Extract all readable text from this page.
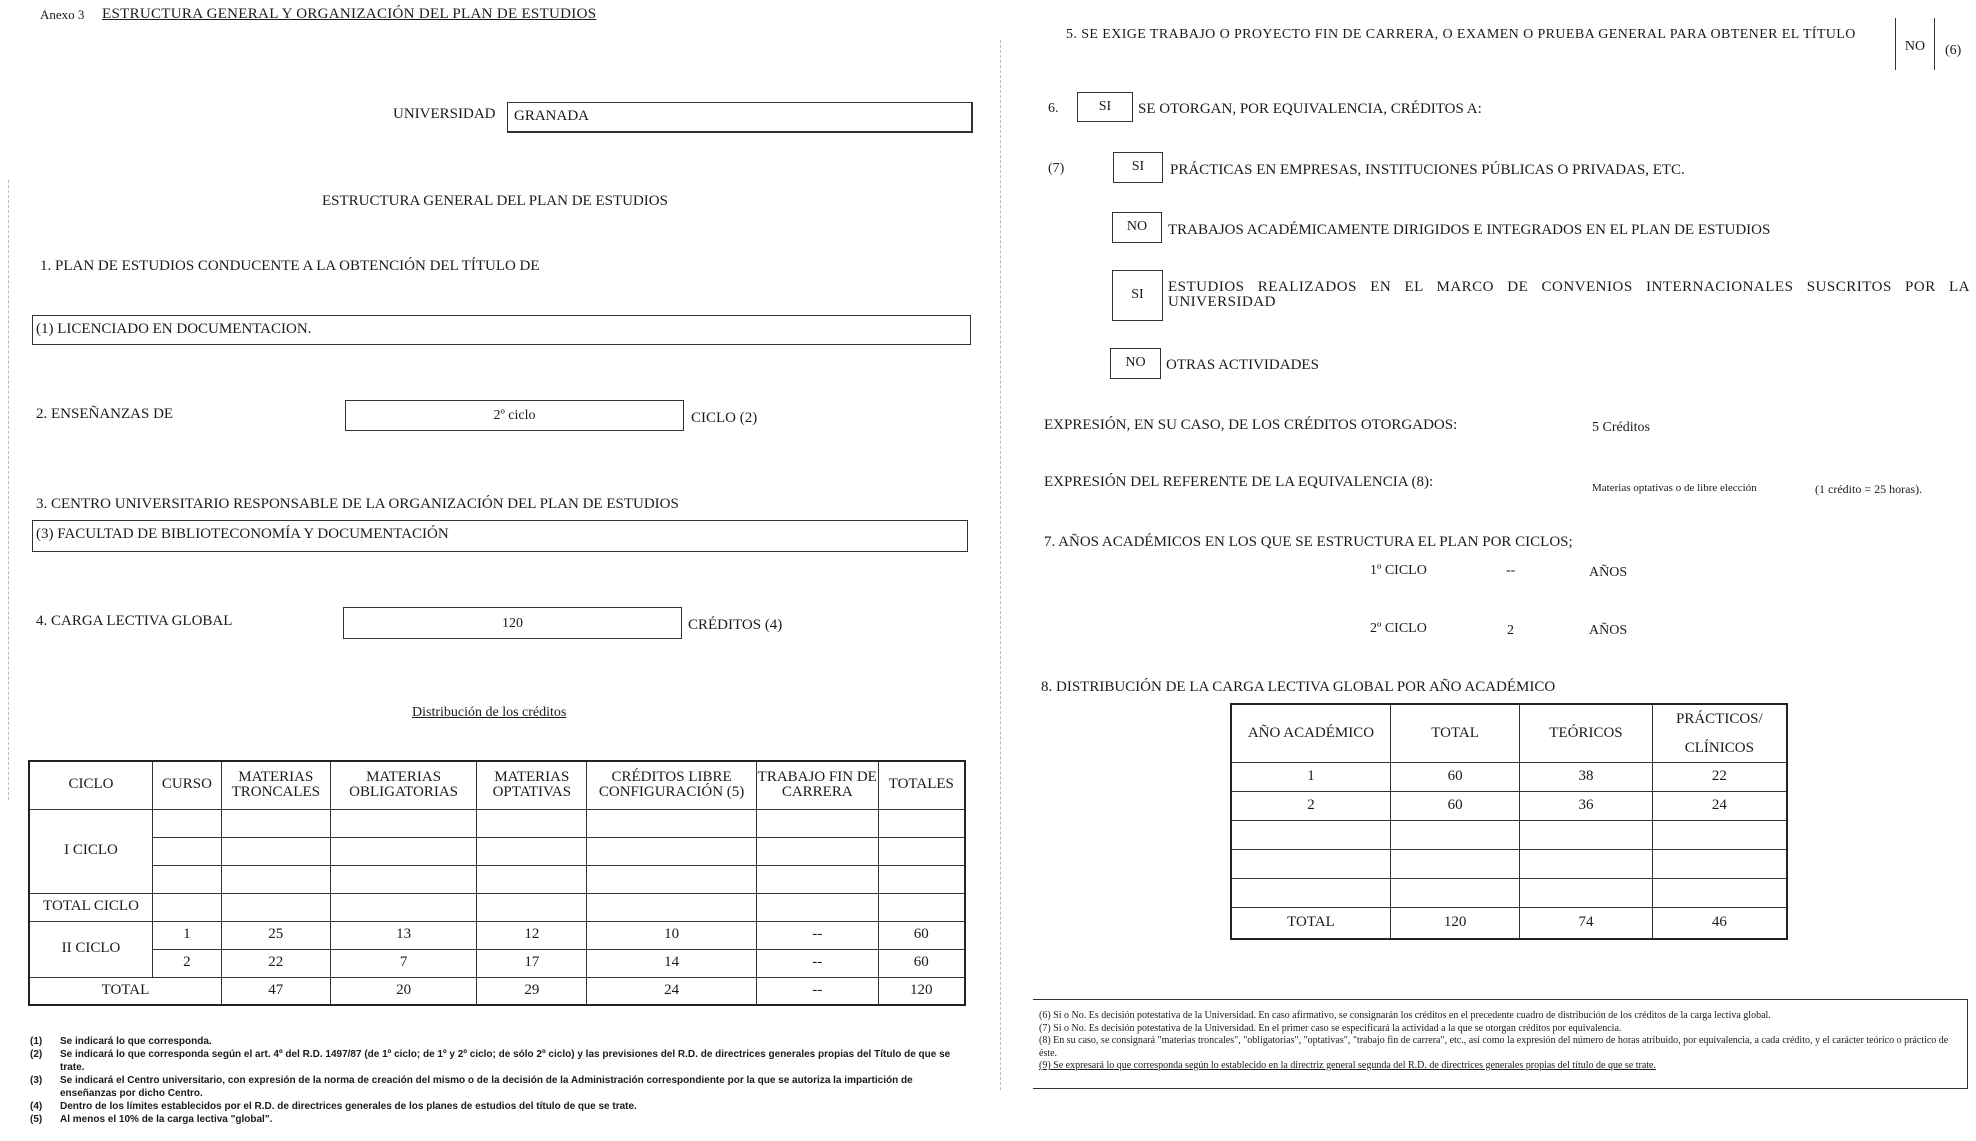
Anexo 3 ESTRUCTURA GENERAL Y ORGANIZACIÓN DEL PLAN DE ESTUDIOS
UNIVERSIDAD GRANADA
ESTRUCTURA GENERAL DEL PLAN DE ESTUDIOS
1. PLAN DE ESTUDIOS CONDUCENTE A LA OBTENCIÓN DEL TÍTULO DE
(1) LICENCIADO EN DOCUMENTACION.
2. ENSEÑANZAS DE	2º ciclo	CICLO (2)
3. CENTRO UNIVERSITARIO RESPONSABLE DE LA ORGANIZACIÓN DEL PLAN DE ESTUDIOS
(3) FACULTAD DE BIBLIOTECONOMÍA Y DOCUMENTACIÓN
4. CARGA LECTIVA GLOBAL	120	CRÉDITOS (4)
Distribución de los créditos
CICLO	CURSO	MATERIAS TRONCALES	MATERIAS OBLIGATORIAS	MATERIAS OPTATIVAS	CRÉDITOS LIBRE CONFIGURACIÓN (5)	TRABAJO FIN DE CARRERA	TOTALES
I CICLO							

TOTAL CICLO							
II CICLO	1	25	13	12	10	--	60
	2	22	7	17	14	--	60
TOTAL		47	20	29	24	--	120
(1)	Se indicará lo que corresponda.
(2)	Se indicará lo que corresponda según el art. 4º del R.D. 1497/87 (de 1º ciclo; de 1º y 2º ciclo; de sólo 2º ciclo) y las previsiones del R.D. de directrices generales propias del Título de que se trate.
(3)	Se indicará el Centro universitario, con expresión de la norma de creación del mismo o de la decisión de la Administración correspondiente por la que se autoriza la impartición de enseñanzas por dicho Centro.
(4)	Dentro de los límites establecidos por el R.D. de directrices generales de los planes de estudios del título de que se trate.
(5)	Al menos el 10% de la carga lectiva "global".
5. SE EXIGE TRABAJO O PROYECTO FIN DE CARRERA, O EXAMEN O PRUEBA GENERAL PARA OBTENER EL TÍTULO
NO	(6)
6.	SI	SE OTORGAN, POR EQUIVALENCIA, CRÉDITOS A:
(7)	SI	PRÁCTICAS EN EMPRESAS, INSTITUCIONES PÚBLICAS O PRIVADAS, ETC.
NO	TRABAJOS ACADÉMICAMENTE DIRIGIDOS E INTEGRADOS EN EL PLAN DE ESTUDIOS
SI	ESTUDIOS REALIZADOS EN EL MARCO DE CONVENIOS INTERNACIONALES SUSCRITOS POR LA UNIVERSIDAD
NO	OTRAS ACTIVIDADES
EXPRESIÓN, EN SU CASO, DE LOS CRÉDITOS OTORGADOS:	5 Créditos
EXPRESIÓN DEL REFERENTE DE LA EQUIVALENCIA (8):	Materias optativas o de libre elección	(1 crédito = 25 horas).
7. AÑOS ACADÉMICOS EN LOS QUE SE ESTRUCTURA EL PLAN POR CICLOS;
1º CICLO	--	AÑOS
2º CICLO	2	AÑOS
8. DISTRIBUCIÓN DE LA CARGA LECTIVA GLOBAL POR AÑO ACADÉMICO
AÑO ACADÉMICO	TOTAL	TEÓRICOS	PRÁCTICOS/ CLÍNICOS
1	60	38	22
2	60	36	24

TOTAL	120	74	46
(6) Si o No. Es decisión potestativa de la Universidad. En caso afirmativo, se consignarán los créditos en el precedente cuadro de distribución de los créditos de la carga lectiva global.
(7) Si o No. Es decisión potestativa de la Universidad. En el primer caso se especificará la actividad a la que se otorgan créditos por equivalencia.
(8) En su caso, se consignará "materias troncales", "obligatorias", "optativas", "trabajo fin de carrera", etc., así como la expresión del número de horas atribuido, por equivalencia, a cada crédito, y el carácter teórico o práctico de éste.
(9) Se expresará lo que corresponda según lo establecido en la directriz general segunda del R.D. de directrices generales propias del título de que se trate.
